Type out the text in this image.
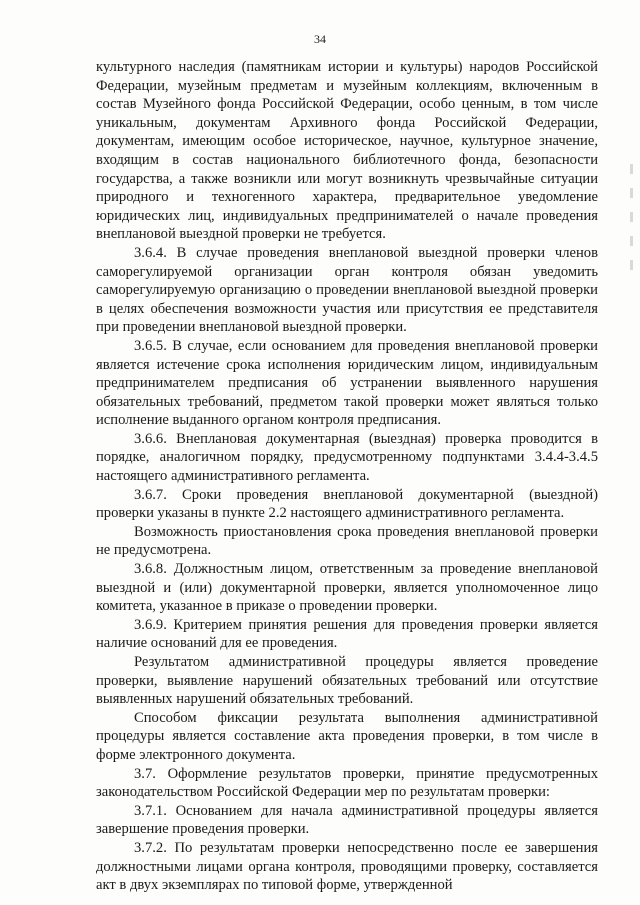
34

культурного наследия (памятникам истории и культуры) народов Российской Федерации, музейным предметам и музейным коллекциям, включенным в состав Музейного фонда Российской Федерации, особо ценным, в том числе уникальным, документам Архивного фонда Российской Федерации, документам, имеющим особое историческое, научное, культурное значение, входящим в состав национального библиотечного фонда, безопасности государства, а также возникли или могут возникнуть чрезвычайные ситуации природного и техногенного характера, предварительное уведомление юридических лиц, индивидуальных предпринимателей о начале проведения внеплановой выездной проверки не требуется.

3.6.4. В случае проведения внеплановой выездной проверки членов саморегулируемой организации орган контроля обязан уведомить саморегулируемую организацию о проведении внеплановой выездной проверки в целях обеспечения возможности участия или присутствия ее представителя при проведении внеплановой выездной проверки.

3.6.5. В случае, если основанием для проведения внеплановой проверки является истечение срока исполнения юридическим лицом, индивидуальным предпринимателем предписания об устранении выявленного нарушения обязательных требований, предметом такой проверки может являться только исполнение выданного органом контроля предписания.

3.6.6. Внеплановая документарная (выездная) проверка проводится в порядке, аналогичном порядку, предусмотренному подпунктами 3.4.4-3.4.5 настоящего административного регламента.

3.6.7. Сроки проведения внеплановой документарной (выездной) проверки указаны в пункте 2.2 настоящего административного регламента.

Возможность приостановления срока проведения внеплановой проверки не предусмотрена.

3.6.8. Должностным лицом, ответственным за проведение внеплановой выездной и (или) документарной проверки, является уполномоченное лицо комитета, указанное в приказе о проведении проверки.

3.6.9. Критерием принятия решения для проведения проверки является наличие оснований для ее проведения.

Результатом административной процедуры является проведение проверки, выявление нарушений обязательных требований или отсутствие выявленных нарушений обязательных требований.

Способом фиксации результата выполнения административной процедуры является составление акта проведения проверки, в том числе в форме электронного документа.

3.7. Оформление результатов проверки, принятие предусмотренных законодательством Российской Федерации мер по результатам проверки:

3.7.1. Основанием для начала административной процедуры является завершение проведения проверки.

3.7.2. По результатам проверки непосредственно после ее завершения должностными лицами органа контроля, проводящими проверку, составляется акт в двух экземплярах по типовой форме, утвержденной
